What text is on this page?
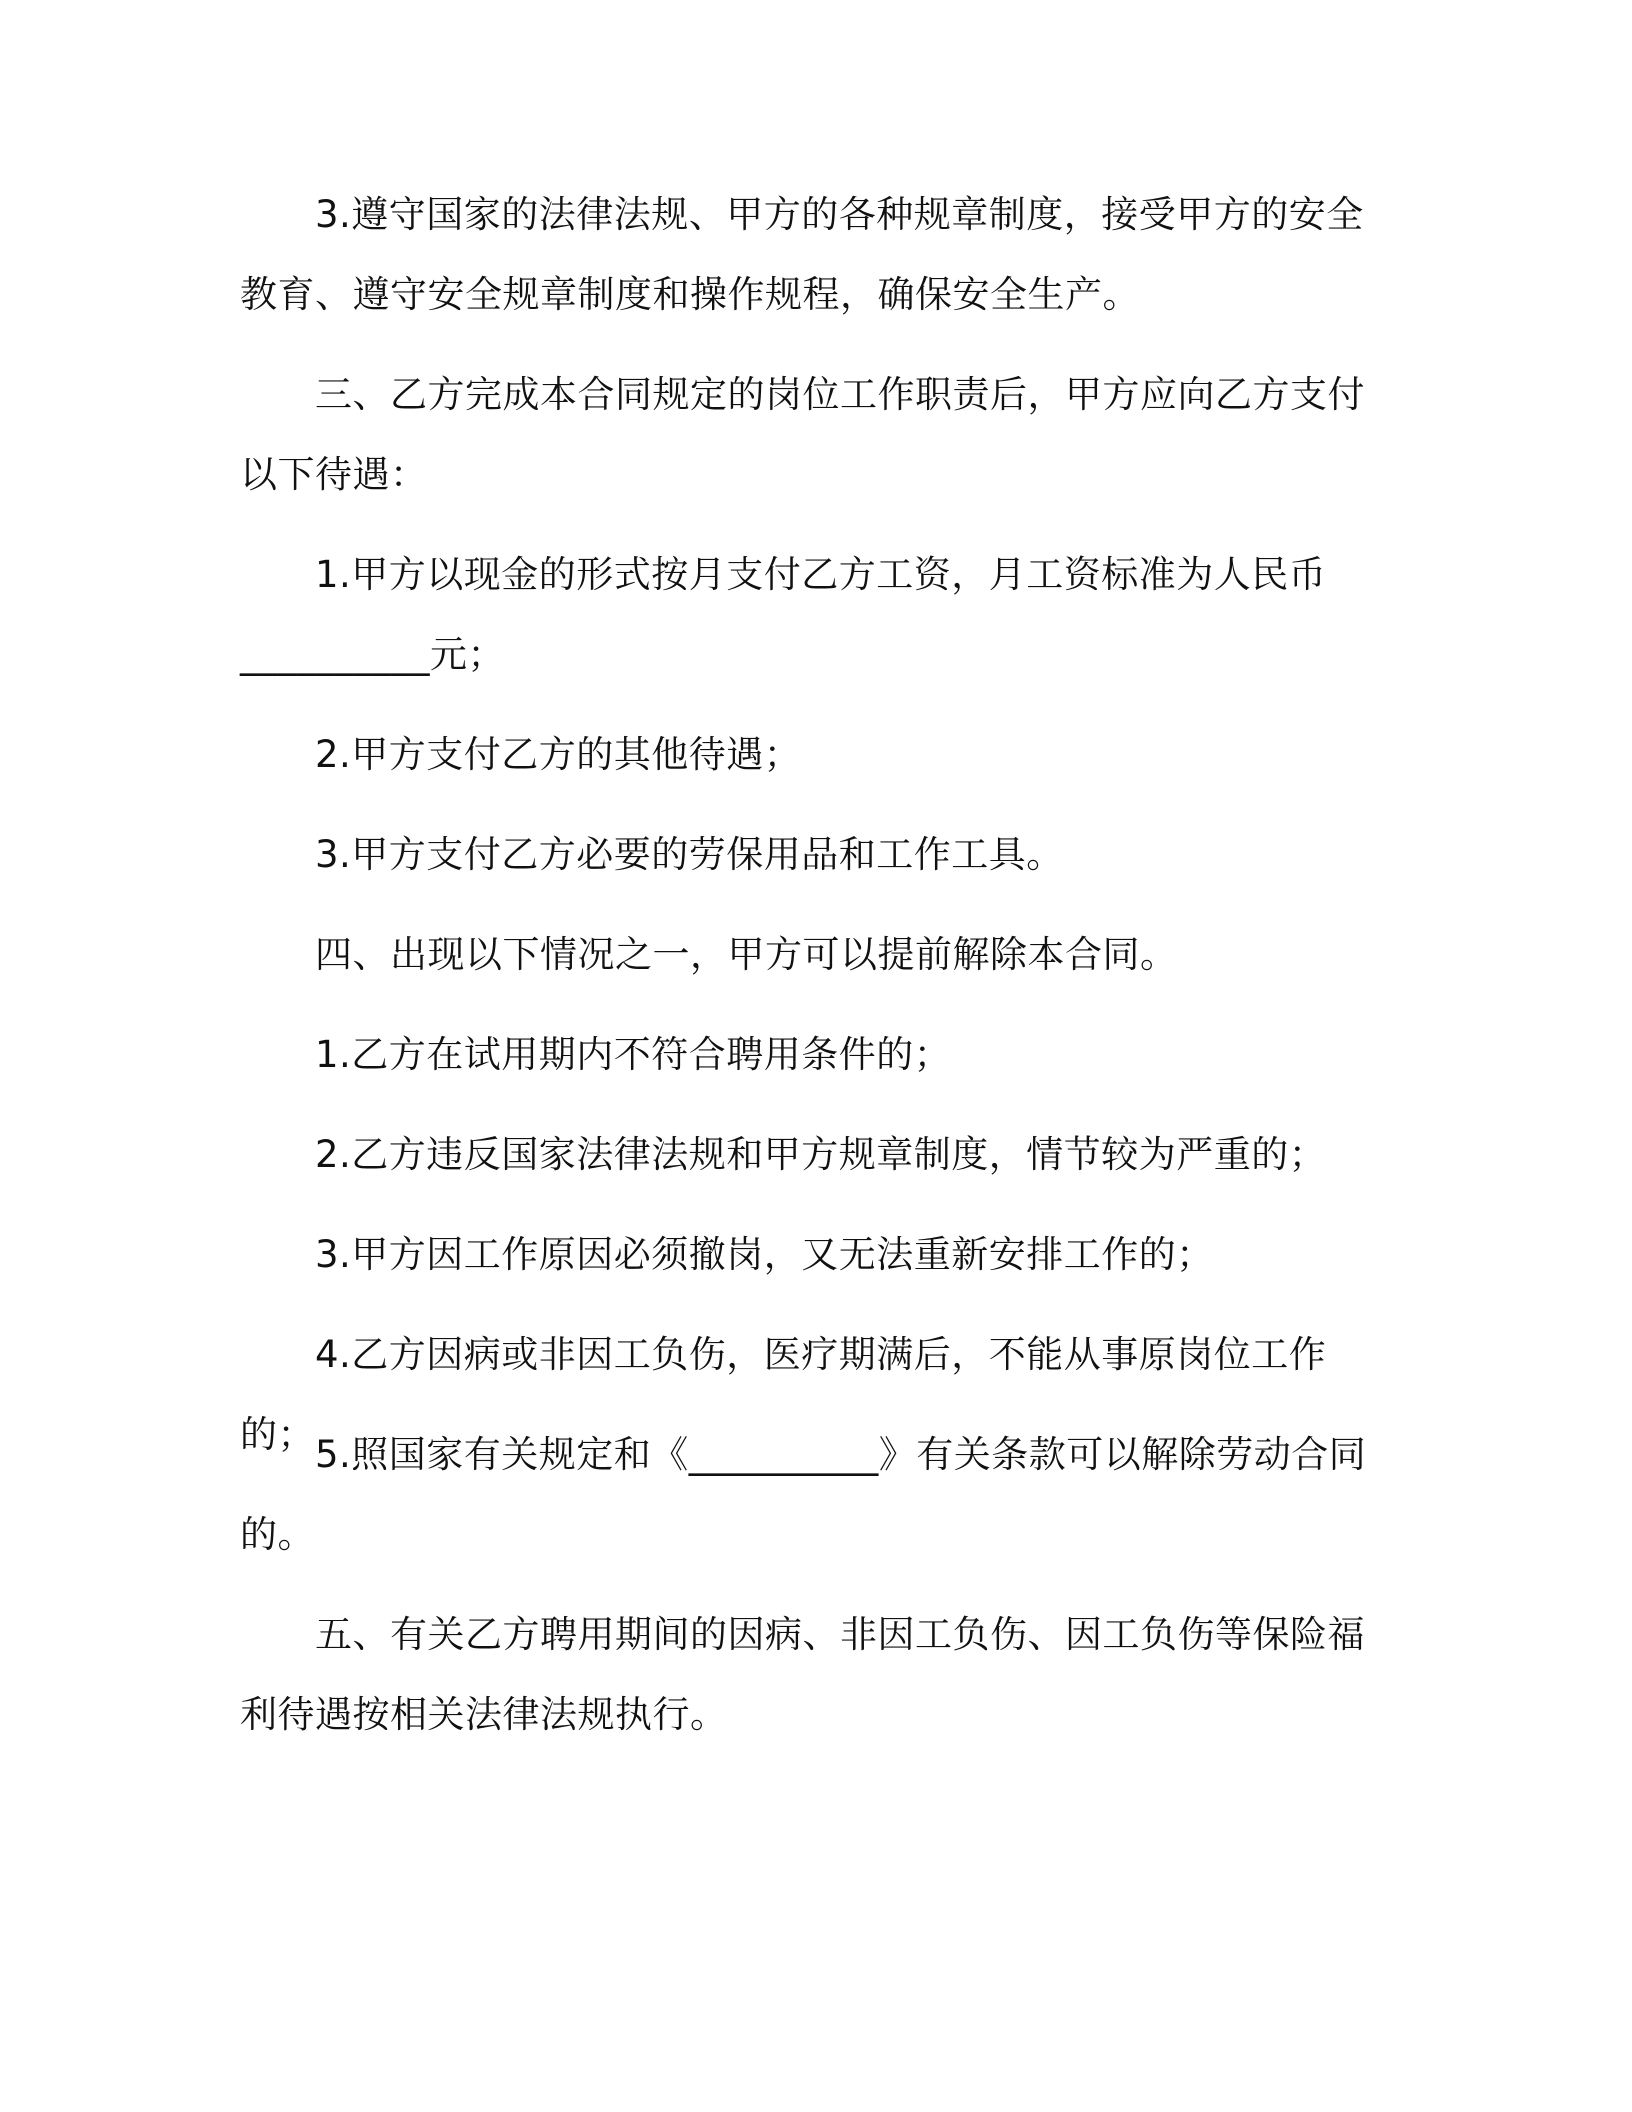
3.遵守国家的法律法规、甲方的各种规章制度，接受甲方的安全教育、遵守安全规章制度和操作规程，确保安全生产。

三、乙方完成本合同规定的岗位工作职责后，甲方应向乙方支付以下待遇：

1.甲方以现金的形式按月支付乙方工资，月工资标准为人民币

__________元；

2.甲方支付乙方的其他待遇；

3.甲方支付乙方必要的劳保用品和工作工具。

四、出现以下情况之一，甲方可以提前解除本合同。

1.乙方在试用期内不符合聘用条件的；

2.乙方违反国家法律法规和甲方规章制度，情节较为严重的；

3.甲方因工作原因必须撤岗，又无法重新安排工作的；

4.乙方因病或非因工负伤，医疗期满后，不能从事原岗位工作的； 5.照国家有关规定和《__________》有关条款可以解除劳动合同的。

五、有关乙方聘用期间的因病、非因工负伤、因工负伤等保险福利待遇按相关法律法规执行。
